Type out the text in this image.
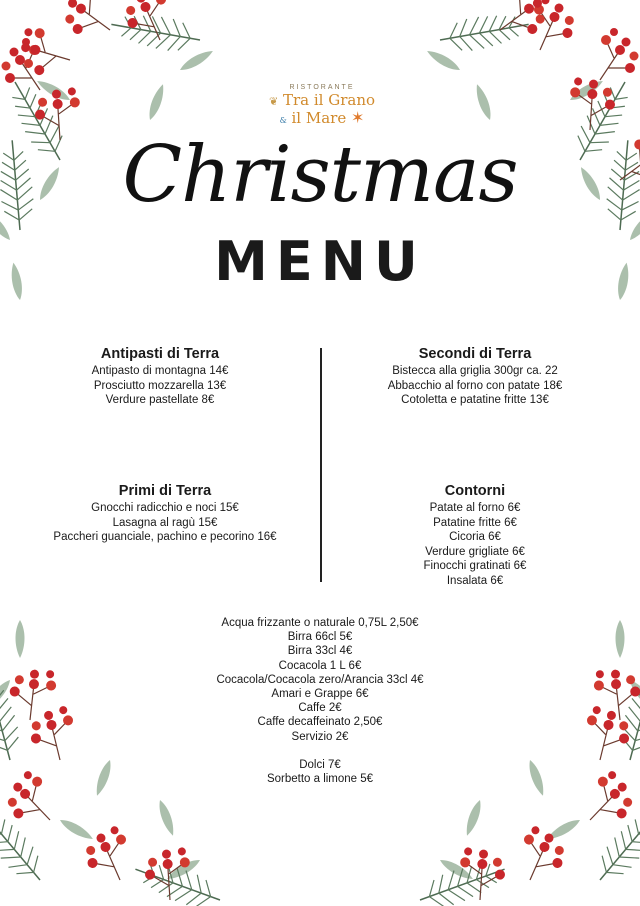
RISTORANTE
❦ Tra il Grano
& il Mare ✶
Christmas
MENU
Antipasti di Terra
Antipasto di montagna 14€
Prosciutto mozzarella 13€
Verdure pastellate 8€
Secondi di Terra
Bistecca alla griglia 300gr ca. 22
Abbacchio al forno con patate 18€
Cotoletta e patatine fritte 13€
Primi di Terra
Gnocchi radicchio e noci 15€
Lasagna al ragù 15€
Paccheri guanciale, pachino e pecorino 16€
Contorni
Patate al forno 6€
Patatine fritte 6€
Cicoria 6€
Verdure grigliate 6€
Finocchi gratinati 6€
Insalata 6€
Acqua frizzante o naturale 0,75L 2,50€
Birra 66cl 5€
Birra 33cl 4€
Cocacola 1 L 6€
Cocacola/Cocacola zero/Arancia 33cl 4€
Amari e Grappe 6€
Caffe 2€
Caffe decaffeinato 2,50€
Servizio 2€
Dolci 7€
Sorbetto a limone 5€
